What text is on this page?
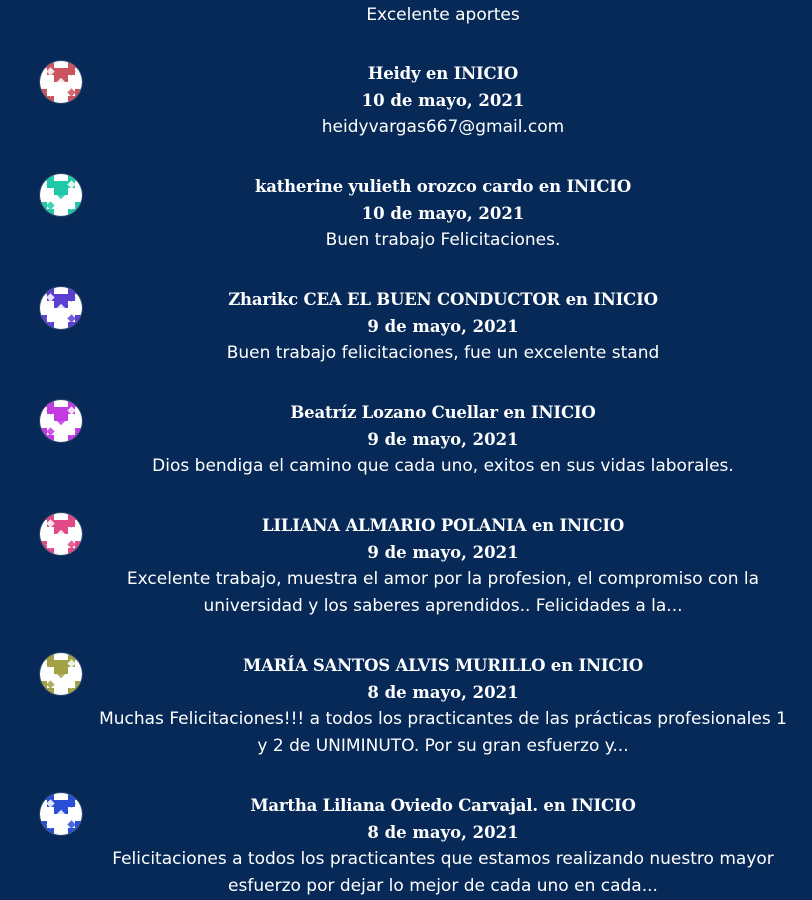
Excelente aportes
Heidy en INICIO
10 de mayo, 2021
heidyvargas667@gmail.com
katherine yulieth orozco cardo en INICIO
10 de mayo, 2021
Buen trabajo Felicitaciones.
Zharikc CEA EL BUEN CONDUCTOR en INICIO
9 de mayo, 2021
Buen trabajo felicitaciones, fue un excelente stand
Beatríz Lozano Cuellar en INICIO
9 de mayo, 2021
Dios bendiga el camino que cada uno, exitos en sus vidas laborales.
LILIANA ALMARIO POLANIA en INICIO
9 de mayo, 2021
Excelente trabajo, muestra el amor por la profesion, el compromiso con la universidad y los saberes aprendidos.. Felicidades a la...
MARÍA SANTOS ALVIS MURILLO en INICIO
8 de mayo, 2021
Muchas Felicitaciones!!! a todos los practicantes de las prácticas profesionales 1 y 2 de UNIMINUTO. Por su gran esfuerzo y...
Martha Liliana Oviedo Carvajal. en INICIO
8 de mayo, 2021
Felicitaciones a todos los practicantes que estamos realizando nuestro mayor esfuerzo por dejar lo mejor de cada uno en cada...
